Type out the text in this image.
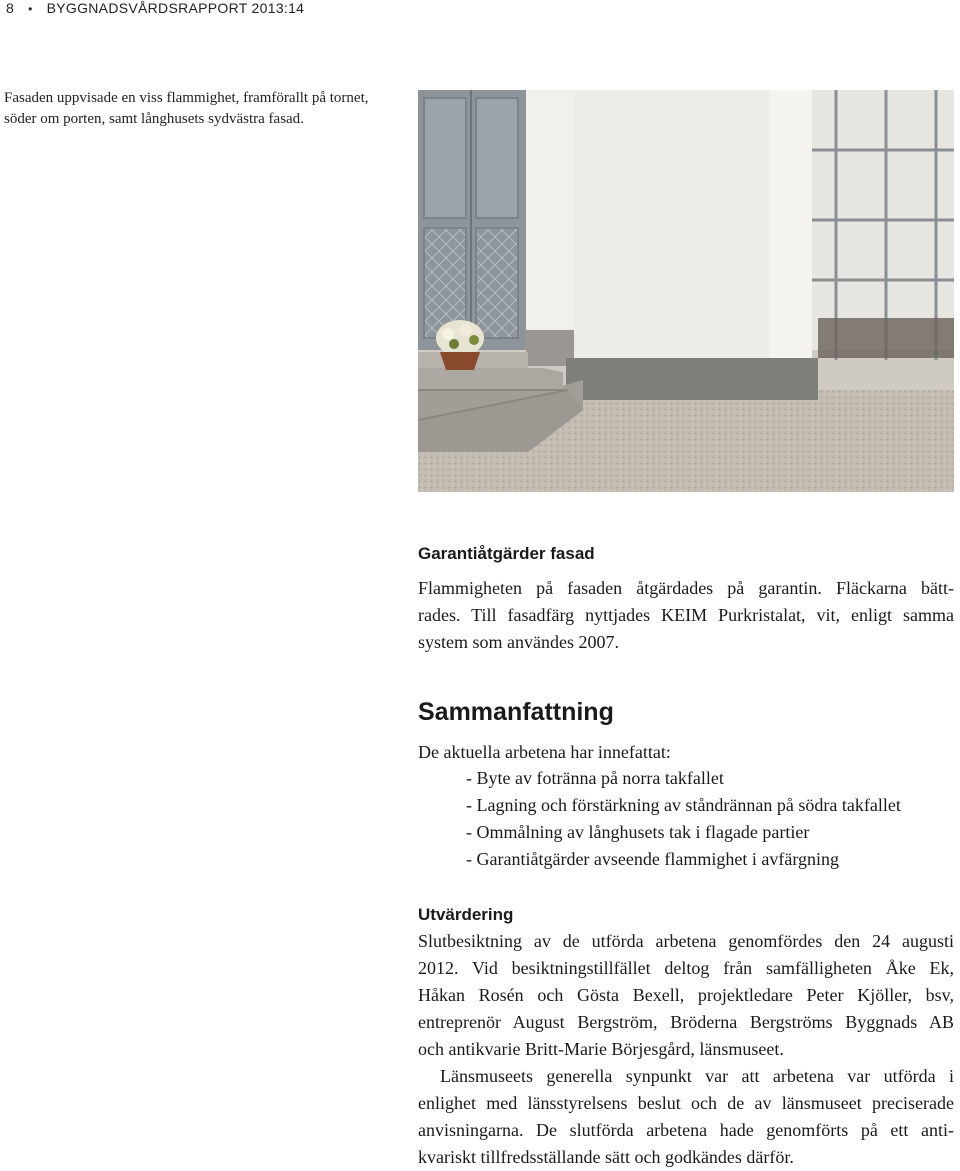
8 • BYGGNADSVÅRDSRAPPORT 2013:14
Fasaden uppvisade en viss flammighet, framförallt på tornet, söder om porten, samt långhusets sydvästra fasad.
Garantiåtgärder fasad
Flammigheten på fasaden åtgärdades på garantin. Fläckarna bätt-
rades. Till fasadfärg nyttjades KEIM Purkristalat, vit, enligt samma
system som användes 2007.
Sammanfattning
De aktuella arbetena har innefattat:
- Byte av fotränna på norra takfallet
- Lagning och förstärkning av ståndrännan på södra takfallet
- Ommålning av långhusets tak i flagade partier
- Garantiåtgärder avseende flammighet i avfärgning
Utvärdering
Slutbesiktning av de utförda arbetena genomfördes den 24 augusti
2012. Vid besiktningstillfället deltog från samfälligheten Åke Ek,
Håkan Rosén och Gösta Bexell, projektledare Peter Kjöller, bsv,
entreprenör August Bergström, Bröderna Bergströms Byggnads AB
och antikvarie Britt-Marie Börjesgård, länsmuseet.
Länsmuseets generella synpunkt var att arbetena var utförda i
enlighet med länsstyrelsens beslut och de av länsmuseet preciserade
anvisningarna. De slutförda arbetena hade genomförts på ett anti-
kvariskt tillfredsställande sätt och godkändes därför.
